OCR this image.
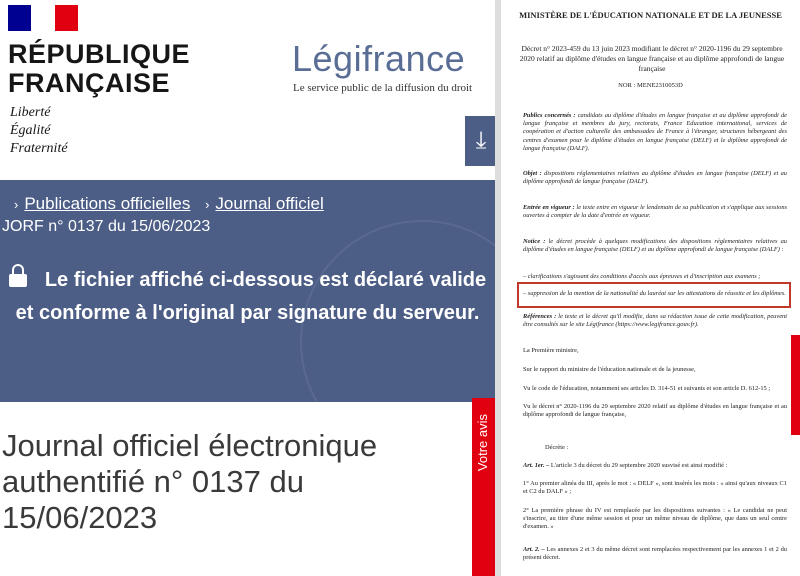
RÉPUBLIQUE
FRANÇAISE
Liberté
Égalité
Fraternité
Légifrance
Le service public de la diffusion du droit
⤓
› Publications officielles › Journal officiel
JORF n° 0137 du 15/06/2023
Le fichier affiché ci-dessous est déclaré valide et conforme à l'original par signature du serveur.
Journal officiel électronique authentifié n° 0137 du 15/06/2023
Votre avis
MINISTÈRE DE L'ÉDUCATION NATIONALE ET DE LA JEUNESSE
Décret n° 2023-459 du 13 juin 2023 modifiant le décret n° 2020-1196 du 29 septembre 2020 relatif au diplôme d'études en langue française et au diplôme approfondi de langue française
NOR : MENE2310053D
Publics concernés : candidats au diplôme d'études en langue française et au diplôme approfondi de langue française et membres du jury, rectorats, France Education international, services de coopération et d'action culturelle des ambassades de France à l'étranger, structures hébergeant des centres d'examen pour le diplôme d'études en langue française (DELF) et le diplôme approfondi de langue française (DALF).
Objet : dispositions réglementaires relatives au diplôme d'études en langue française (DELF) et au diplôme approfondi de langue française (DALF).
Entrée en vigueur : le texte entre en vigueur le lendemain de sa publication et s'applique aux sessions ouvertes à compter de la date d'entrée en vigueur.
Notice : le décret procède à quelques modifications des dispositions réglementaires relatives au diplôme d'études en langue française (DELF) et au diplôme approfondi de langue française (DALF) :
– clarifications s'agissant des conditions d'accès aux épreuves et d'inscription aux examens ;
– suppression de la mention de la nationalité du lauréat sur les attestations de réussite et les diplômes.
Références : le texte et le décret qu'il modifie, dans sa rédaction issue de cette modification, peuvent être consultés sur le site Légifrance (https://www.legifrance.gouv.fr).
La Première ministre,
Sur le rapport du ministre de l'éducation nationale et de la jeunesse,
Vu le code de l'éducation, notamment ses articles D. 314-51 et suivants et son article D. 612-15 ;
Vu le décret n° 2020-1196 du 29 septembre 2020 relatif au diplôme d'études en langue française et au diplôme approfondi de langue française,
Décrète :
Art. 1er. – L'article 3 du décret du 29 septembre 2020 susvisé est ainsi modifié :
1° Au premier alinéa du III, après le mot : « DELF », sont insérés les mots : « ainsi qu'aux niveaux C1 et C2 du DALF » ;
2° La première phrase du IV est remplacée par les dispositions suivantes : « Le candidat ne peut s'inscrire, au titre d'une même session et pour un même niveau de diplôme, que dans un seul centre d'examen. »
Art. 2. – Les annexes 2 et 3 du même décret sont remplacées respectivement par les annexes 1 et 2 du présent décret.
